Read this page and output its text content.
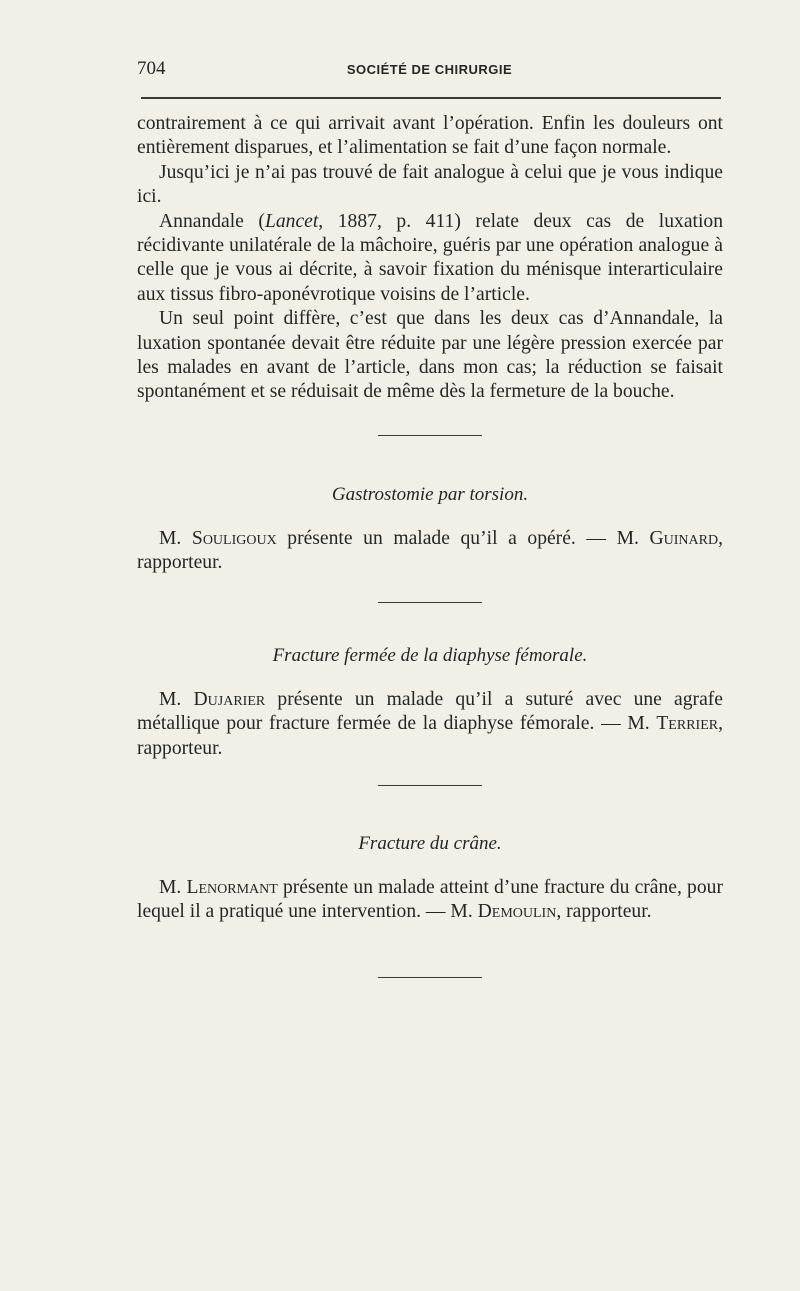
704	SOCIÉTÉ DE CHIRURGIE

contrairement à ce qui arrivait avant l’opération. Enfin les douleurs ont entièrement disparues, et l’alimentation se fait d’une façon normale.

Jusqu’ici je n’ai pas trouvé de fait analogue à celui que je vous indique ici.

Annandale (Lancet, 1887, p. 411) relate deux cas de luxation récidivante unilatérale de la mâchoire, guéris par une opération analogue à celle que je vous ai décrite, à savoir fixation du ménisque interarticulaire aux tissus fibro-aponévrotique voisins de l’article.

Un seul point diffère, c’est que dans les deux cas d’Annandale, la luxation spontanée devait être réduite par une légère pression exercée par les malades en avant de l’article, dans mon cas; la réduction se faisait spontanément et se réduisait de même dès la fermeture de la bouche.

Gastrostomie par torsion.

M. Souligoux présente un malade qu’il a opéré. — M. Guinard, rapporteur.

Fracture fermée de la diaphyse fémorale.

M. Dujarier présente un malade qu’il a suturé avec une agrafe métallique pour fracture fermée de la diaphyse fémorale. — M. Terrier, rapporteur.

Fracture du crâne.

M. Lenormant présente un malade atteint d’une fracture du crâne, pour lequel il a pratiqué une intervention. — M. Demoulin, rapporteur.
